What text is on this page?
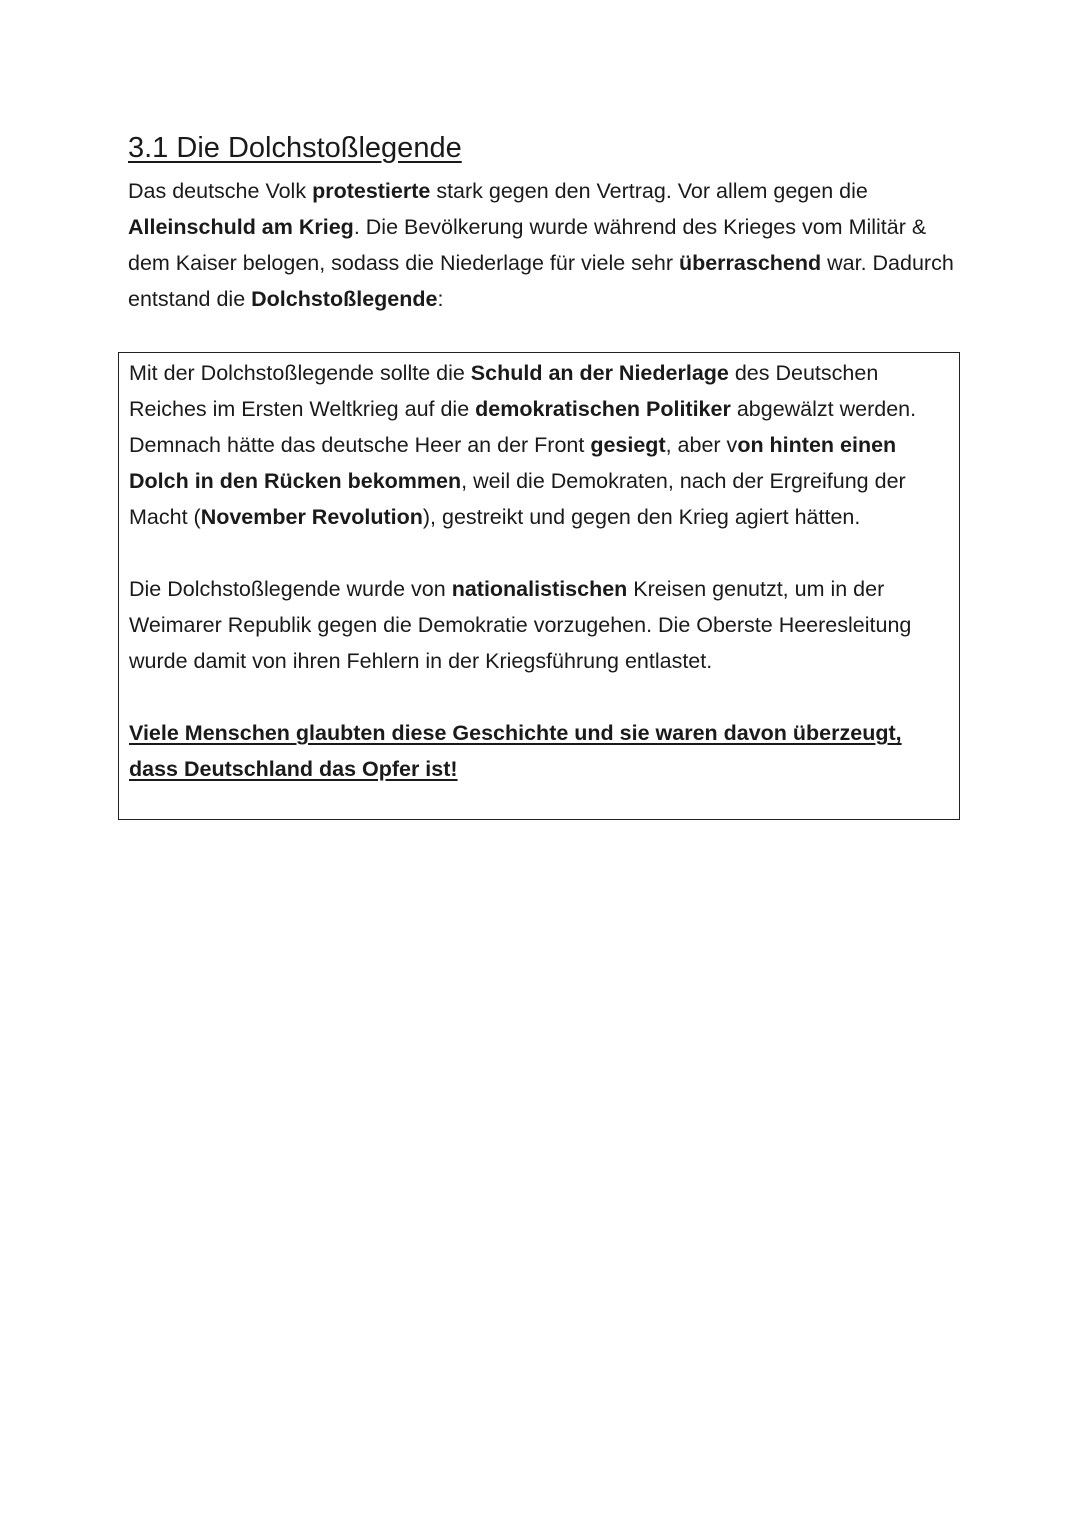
3.1 Die Dolchstoßlegende

Das deutsche Volk protestierte stark gegen den Vertrag. Vor allem gegen die Alleinschuld am Krieg. Die Bevölkerung wurde während des Krieges vom Militär & dem Kaiser belogen, sodass die Niederlage für viele sehr überraschend war. Dadurch entstand die Dolchstoßlegende:

Mit der Dolchstoßlegende sollte die Schuld an der Niederlage des Deutschen Reiches im Ersten Weltkrieg auf die demokratischen Politiker abgewälzt werden. Demnach hätte das deutsche Heer an der Front gesiegt, aber von hinten einen Dolch in den Rücken bekommen, weil die Demokraten, nach der Ergreifung der Macht (November Revolution), gestreikt und gegen den Krieg agiert hätten.

Die Dolchstoßlegende wurde von nationalistischen Kreisen genutzt, um in der Weimarer Republik gegen die Demokratie vorzugehen. Die Oberste Heeresleitung wurde damit von ihren Fehlern in der Kriegsführung entlastet.

Viele Menschen glaubten diese Geschichte und sie waren davon überzeugt, dass Deutschland das Opfer ist!
